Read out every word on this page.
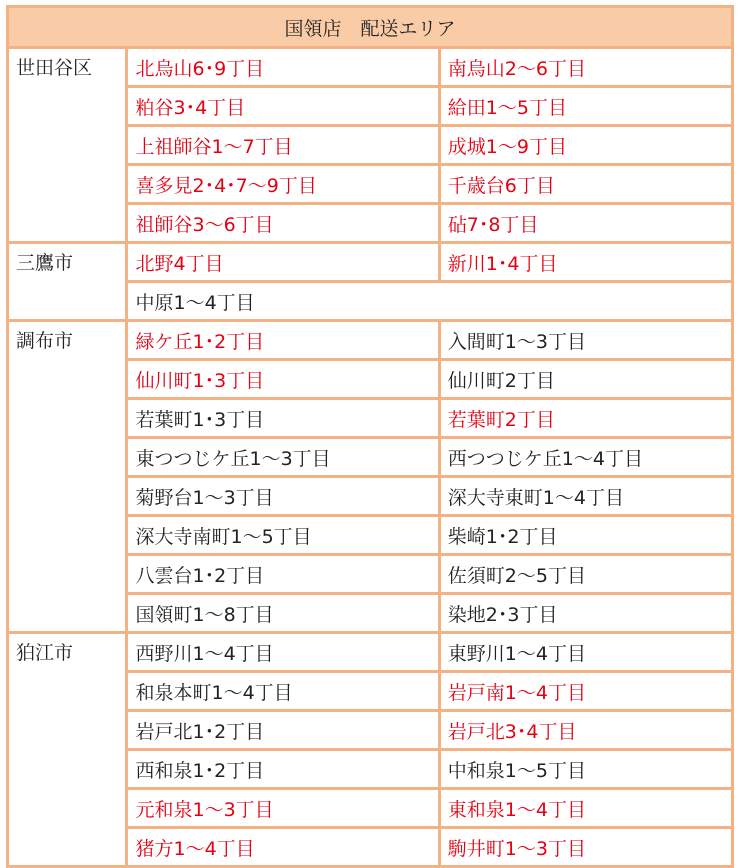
国領店　配送エリア		
世田谷区	北烏山6･9丁目	南烏山2～6丁目
	粕谷3･4丁目	給田1～5丁目
	上祖師谷1～7丁目	成城1～9丁目
	喜多見2･4･7～9丁目	千歳台6丁目
	祖師谷3～6丁目	砧7･8丁目
三鷹市	北野4丁目	新川1･4丁目
	中原1～4丁目	
調布市	緑ケ丘1･2丁目	入間町1～3丁目
	仙川町1･3丁目	仙川町2丁目
	若葉町1･3丁目	若葉町2丁目
	東つつじケ丘1～3丁目	西つつじケ丘1～4丁目
	菊野台1～3丁目	深大寺東町1～4丁目
	深大寺南町1～5丁目	柴崎1･2丁目
	八雲台1･2丁目	佐須町2～5丁目
	国領町1～8丁目	染地2･3丁目
狛江市	西野川1～4丁目	東野川1～4丁目
	和泉本町1～4丁目	岩戸南1～4丁目
	岩戸北1･2丁目	岩戸北3･4丁目
	西和泉1･2丁目	中和泉1～5丁目
	元和泉1～3丁目	東和泉1～4丁目
	猪方1～4丁目	駒井町1～3丁目
